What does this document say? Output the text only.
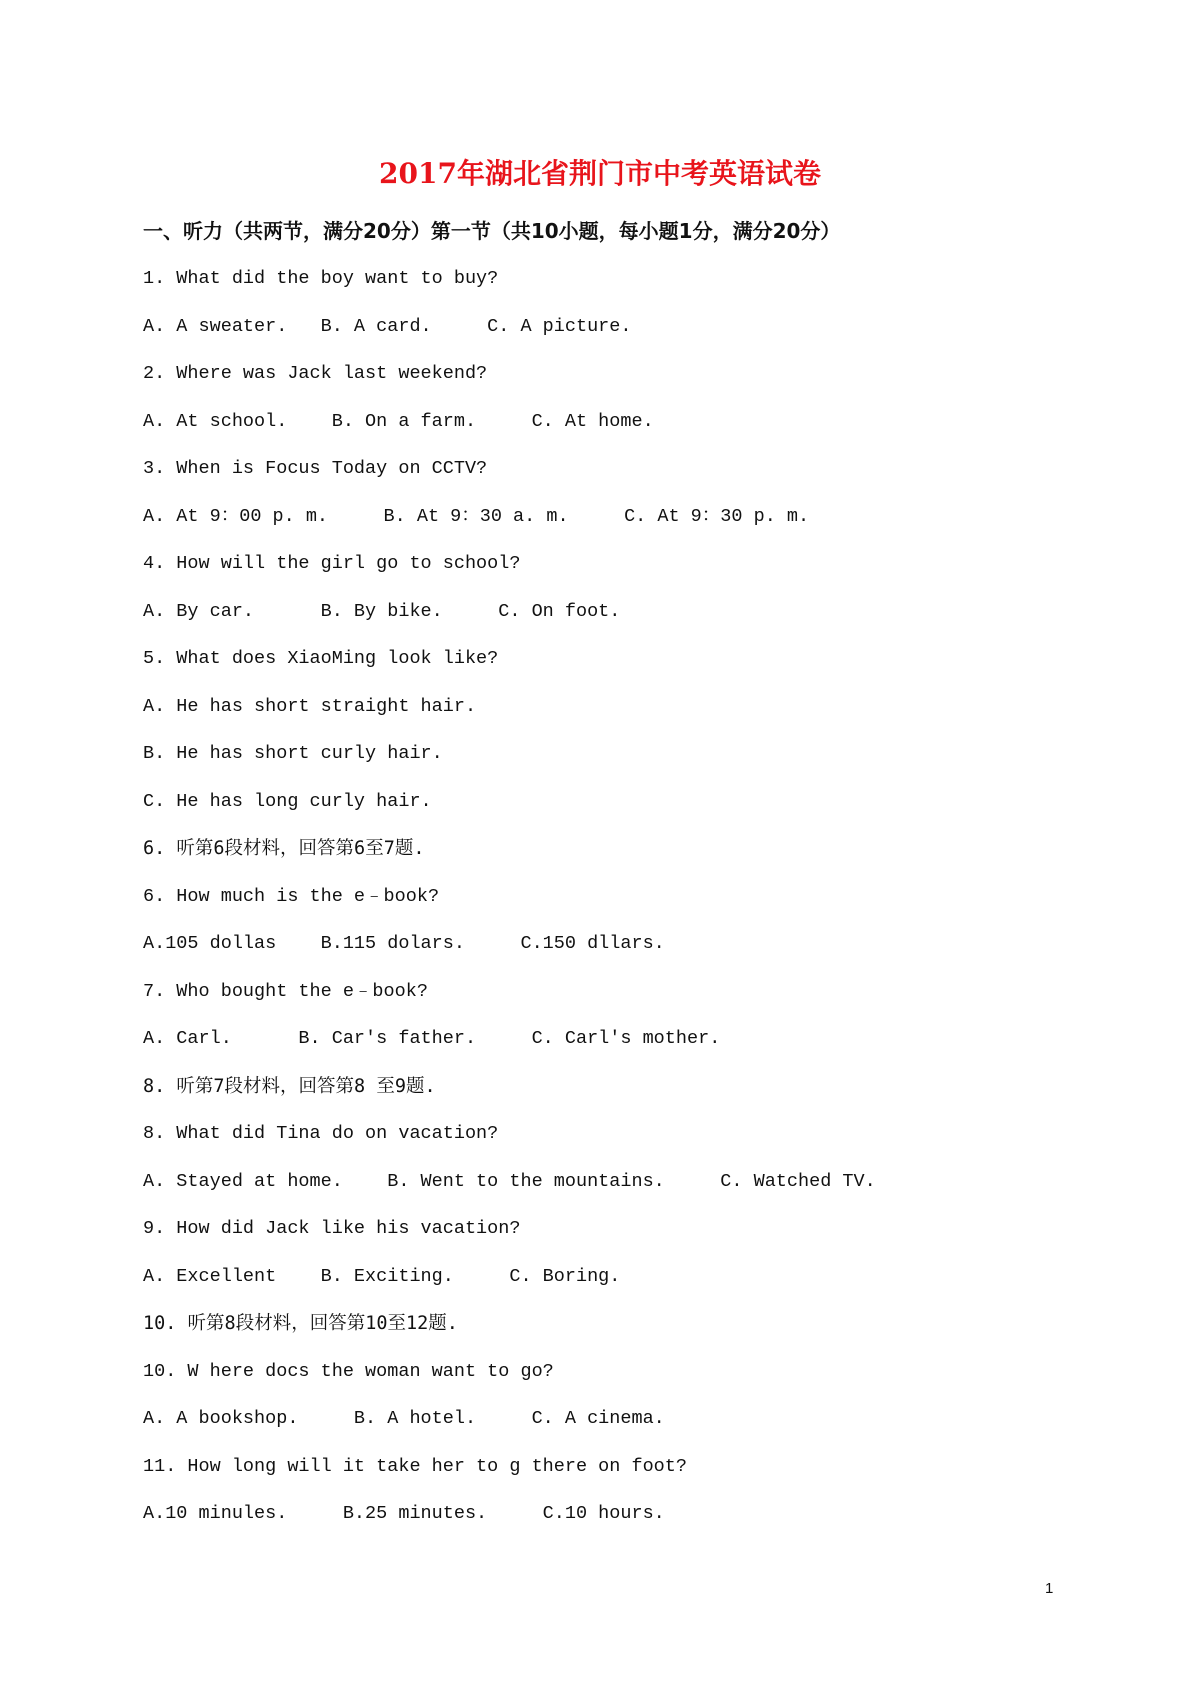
2017年湖北省荆门市中考英语试卷
一、听力（共两节，满分20分）第一节（共10小题，每小题1分，满分20分）
1. What did the boy want to buy?
A. A sweater.   B. A card.     C. A picture.
2. Where was Jack last weekend?
A. At school.    B. On a farm.     C. At home.
3. When is Focus Today on CCTV?
A. At 9：00 p. m.     B. At 9：30 a. m.     C. At 9：30 p. m.
4. How will the girl go to school?
A. By car.      B. By bike.     C. On foot.
5. What does XiaoMing look like?
A. He has short straight hair.
B. He has short curly hair.
C. He has long curly hair.
6. 听第6段材料，回答第6至7题.
6. How much is the e﹣book?
A.105 dollas    B.115 dolars.     C.150 dllars.
7. Who bought the e﹣book?
A. Carl.      B. Car's father.     C. Carl's mother.
8. 听第7段材料，回答第8 至9题.
8. What did Tina do on vacation?
A. Stayed at home.    B. Went to the mountains.     C. Watched TV.
9. How did Jack like his vacation?
A. Excellent    B. Exciting.     C. Boring.
10. 听第8段材料，回答第10至12题.
10. W here docs the woman want to go?
A. A bookshop.     B. A hotel.     C. A cinema.
11. How long will it take her to g there on foot?
A.10 minules.     B.25 minutes.     C.10 hours.
1
